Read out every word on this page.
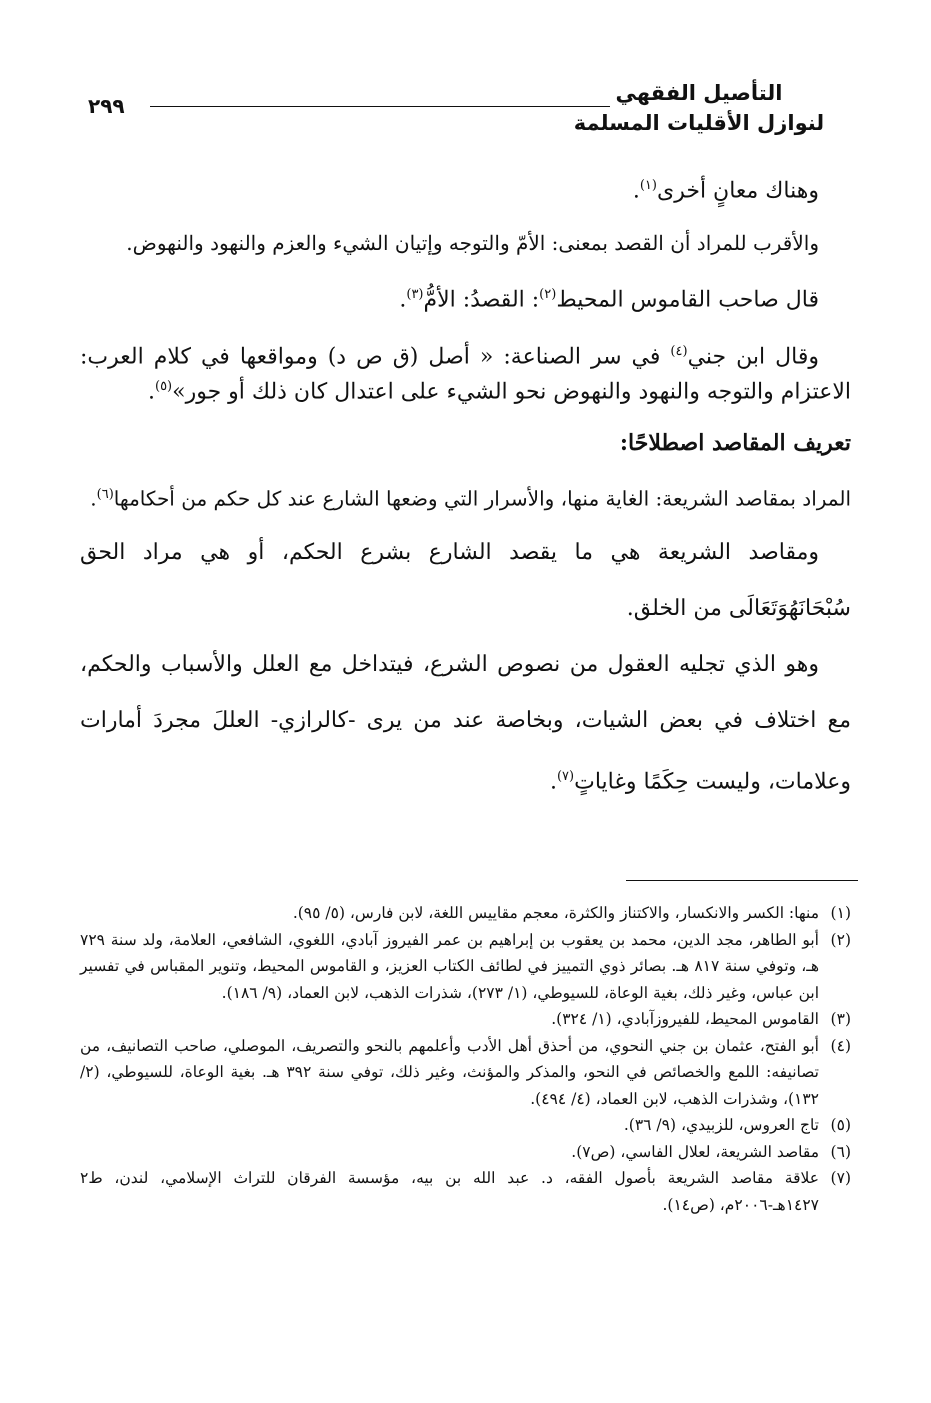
التأصيل الفقهي
لنوازل الأقليات المسلمة
٢٩٩

وهناك معانٍ أخرى$^{(١)}$.

والأقرب للمراد أن القصد بمعنى: الأمّ والتوجه وإتيان الشيء والعزم والنهود والنهوض.

قال صاحب القاموس المحيط$^{(٢)}$: القصدُ: الأمُّ$^{(٣)}$.

وقال ابن جني$^{(٤)}$ في سر الصناعة: « أصل (ق ص د) ومواقعها في كلام العرب: الاعتزام والتوجه والنهود والنهوض نحو الشيء على اعتدال كان ذلك أو جور»$^{(٥)}$.

تعريف المقاصد اصطلاحًا:

المراد بمقاصد الشريعة: الغاية منها، والأسرار التي وضعها الشارع عند كل حكم من أحكامها$^{(٦)}$.

ومقاصد الشريعة هي ما يقصد الشارع بشرع الحكم، أو هي مراد الحق سُبْحَانَهُوَتَعَالَى من الخلق.

وهو الذي تجليه العقول من نصوص الشرع، فيتداخل مع العلل والأسباب والحكم، مع اختلاف في بعض الشيات، وبخاصة عند من يرى -كالرازي- العللَ مجردَ أمارات وعلامات، وليست حِكَمًا وغاياتٍ$^{(٧)}$.

(١)منها: الكسر والانكسار، والاكتناز والكثرة، معجم مقاييس اللغة، لابن فارس، (٥/ ٩٥).

(٢)أبو الطاهر، مجد الدين، محمد بن يعقوب بن إبراهيم بن عمر الفيروز آبادي، اللغوي، الشافعي، العلامة، ولد سنة ٧٢٩ هـ، وتوفي سنة ٨١٧ هـ. بصائر ذوي التمييز في لطائف الكتاب العزيز، و القاموس المحيط، وتنوير المقباس في تفسير ابن عباس، وغير ذلك، بغية الوعاة، للسيوطي، (١/ ٢٧٣)، شذرات الذهب، لابن العماد، (٩/ ١٨٦).

(٣)القاموس المحيط، للفيروزآبادي، (١/ ٣٢٤).

(٤)أبو الفتح، عثمان بن جني النحوي، من أحذق أهل الأدب وأعلمهم بالنحو والتصريف، الموصلي، صاحب التصانيف، من تصانيفه: اللمع والخصائص في النحو، والمذكر والمؤنث، وغير ذلك، توفي سنة ٣٩٢ هـ. بغية الوعاة، للسيوطي، (٢/ ١٣٢)، وشذرات الذهب، لابن العماد، (٤/ ٤٩٤).

(٥)تاج العروس، للزبيدي، (٩/ ٣٦).

(٦)مقاصد الشريعة، لعلال الفاسي، (ص٧).

(٧)علاقة مقاصد الشريعة بأصول الفقه، د. عبد الله بن بيه، مؤسسة الفرقان للتراث الإسلامي، لندن، ط٢ ١٤٢٧هـ-٢٠٠٦م، (ص١٤).
